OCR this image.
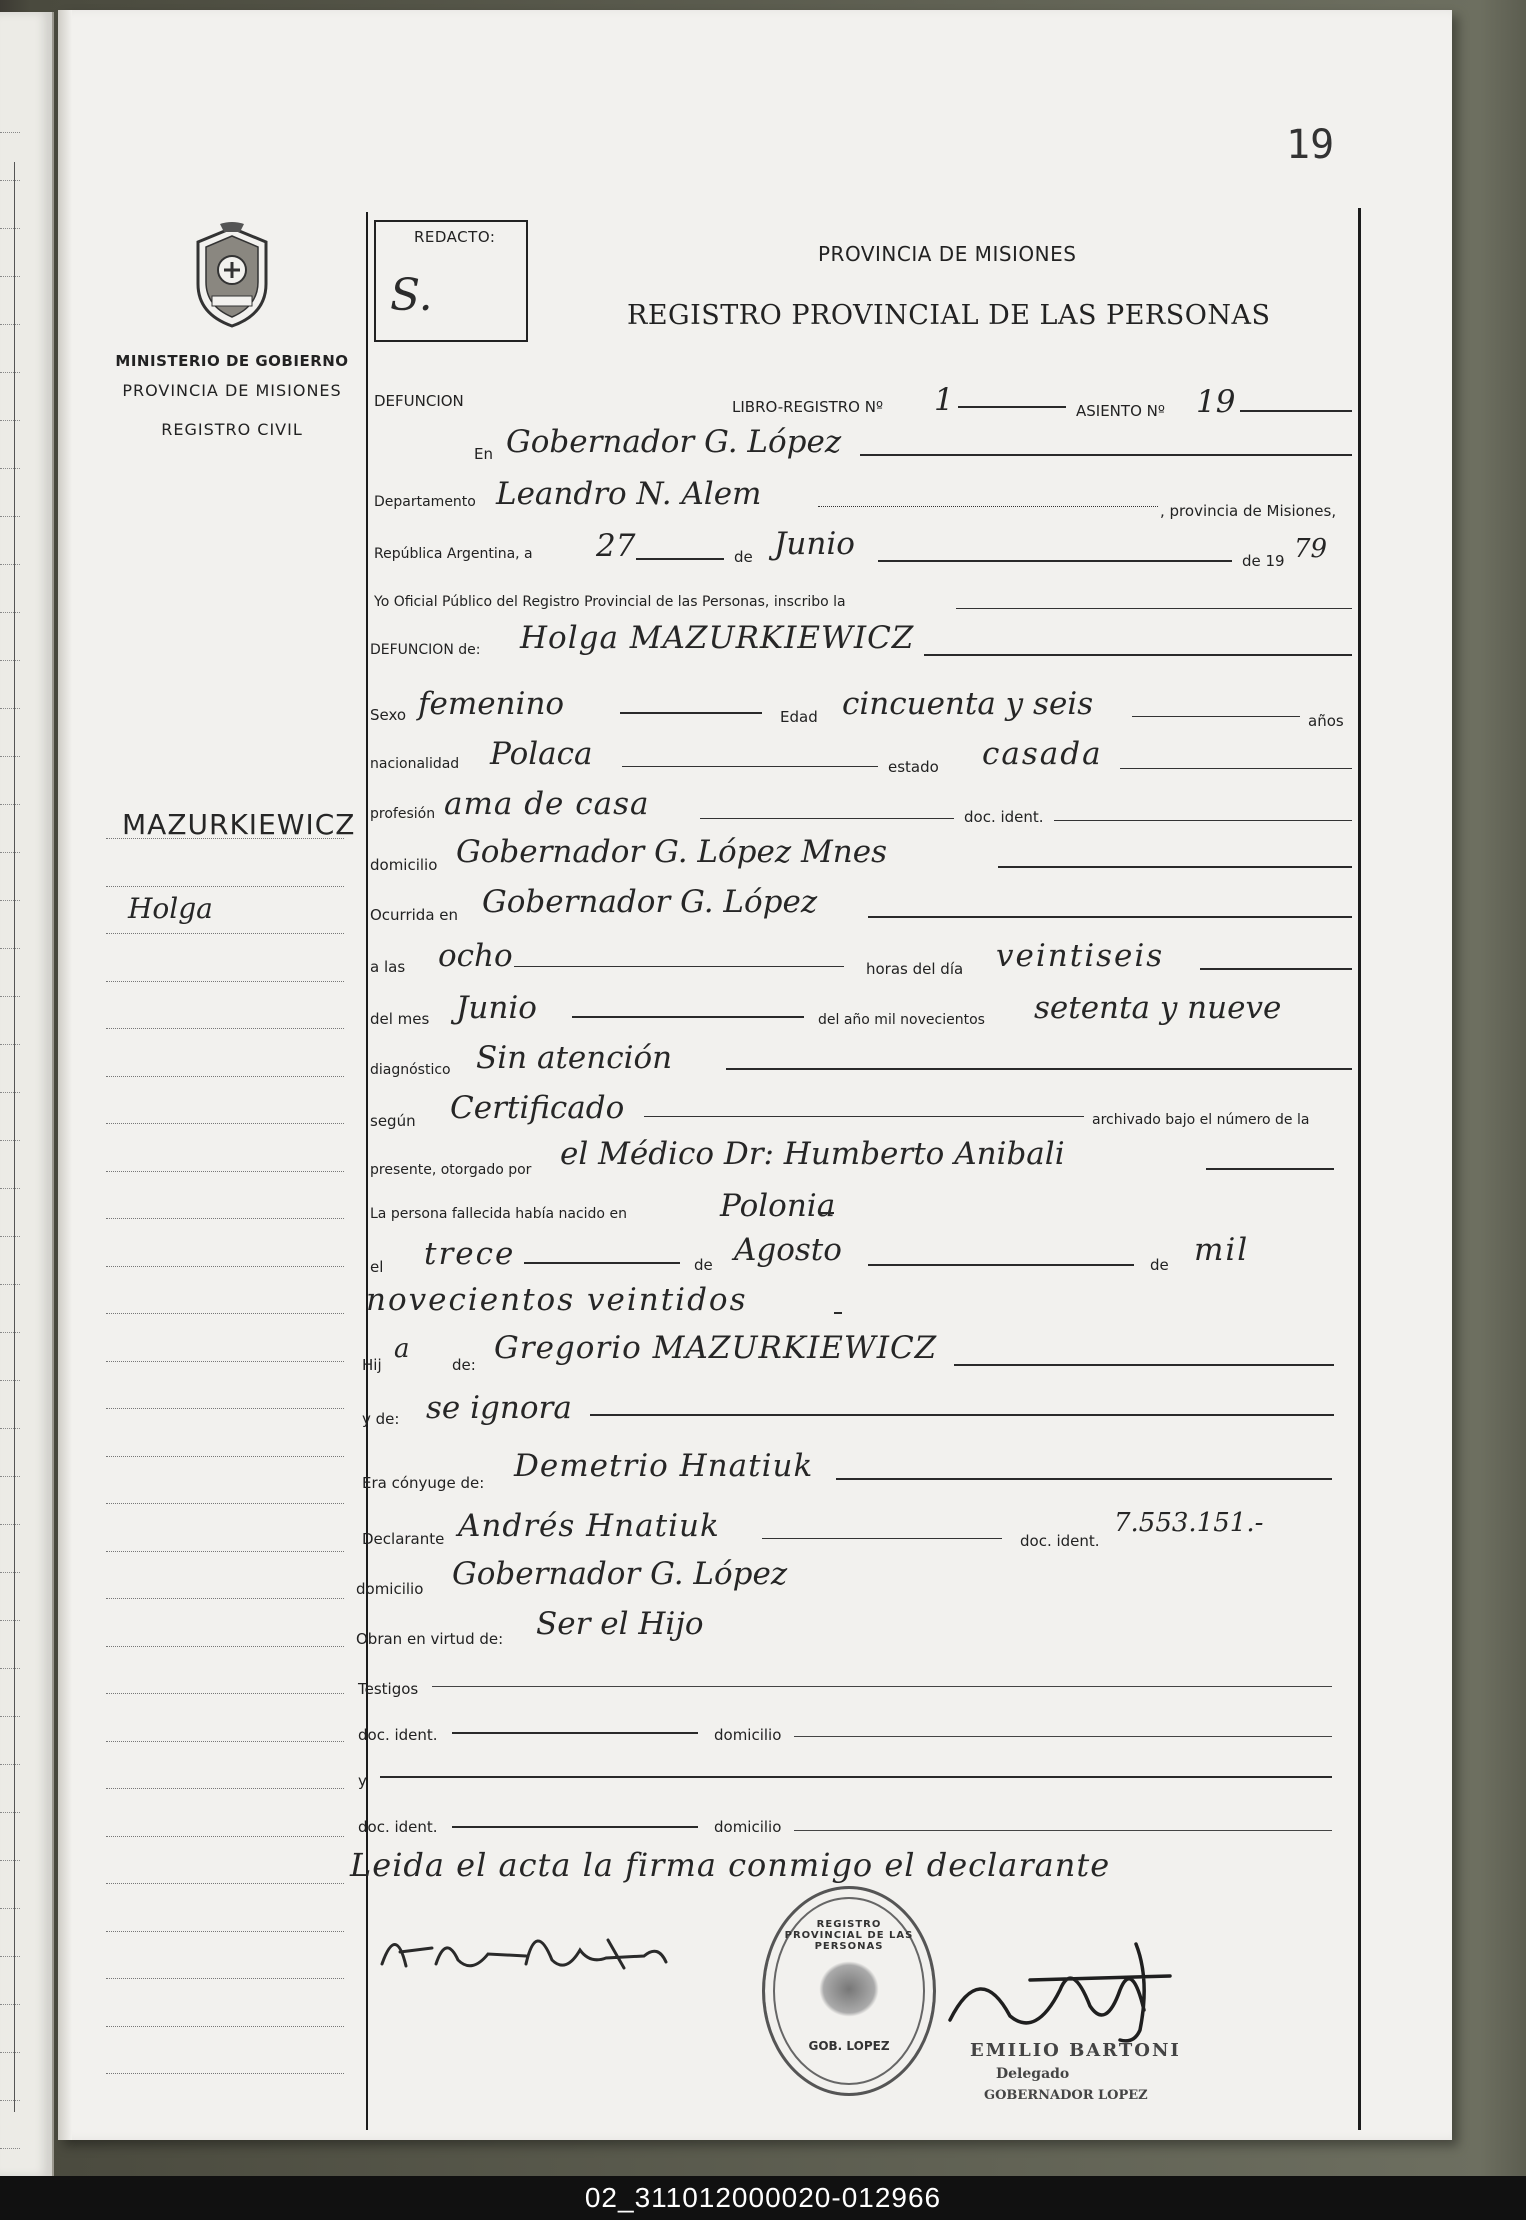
19
MINISTERIO DE GOBIERNO
PROVINCIA DE MISIONES
REGISTRO CIVIL
REDACTO:
S.
PROVINCIA DE MISIONES
REGISTRO PROVINCIAL DE LAS PERSONAS
MAZURKIEWICZ
Holga
DEFUNCION	LIBRO-REGISTRO Nº 1	ASIENTO Nº 19
En Gobernador G. López
Departamento Leandro N. Alem	, provincia de Misiones,
República Argentina, a 27	de Junio	de 19 79
Yo Oficial Público del Registro Provincial de las Personas, inscribo la
DEFUNCION de: Holga MAZURKIEWICZ
Sexo femenino	Edad cincuenta y seis	años
nacionalidad Polaca	estado casada
profesión ama de casa	doc. ident.
domicilio Gobernador G. López Mnes
Ocurrida en Gobernador G. López
a las ocho	horas del día veintiseis
del mes Junio	del año mil novecientos setenta y nueve
diagnóstico Sin atención
según Certificado	archivado bajo el número de la
presente, otorgado por el Médico Dr: Humberto Anibali
La persona fallecida había nacido en	Polonia
el trece	de Agosto	de mil
novecientos veintidos
Hij
a
de: Gregorio MAZURKIEWICZ
y de: se ignora
Era cónyuge de: Demetrio Hnatiuk
Declarante Andrés Hnatiuk	doc. ident.
7.553.151.-
domicilio Gobernador G. López
Obran en virtud de: Ser el Hijo
Testigos
doc. ident.	domicilio
y
doc. ident.	domicilio
Leida el acta la firma conmigo el declarante
REGISTRO PROVINCIAL DE LAS PERSONAS
GOB. LOPEZ	EMILIO BARTONI
Delegado
GOBERNADOR LOPEZ
02_311012000020-012966
